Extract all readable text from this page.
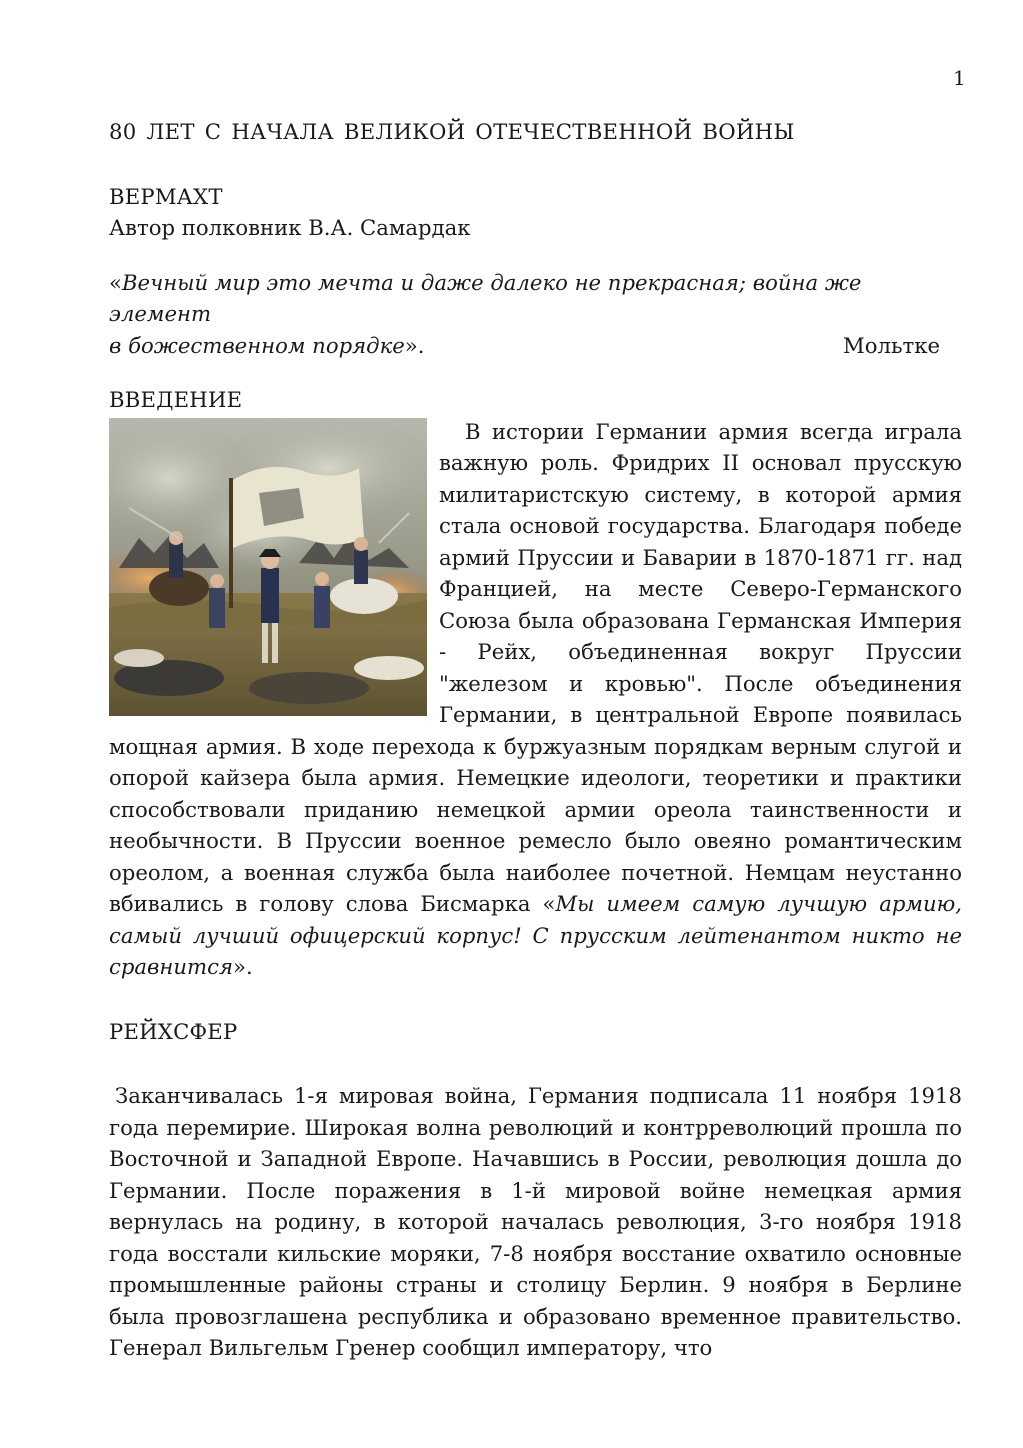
1

80 ЛЕТ С НАЧАЛА ВЕЛИКОЙ ОТЕЧЕСТВЕННОЙ ВОЙНЫ

ВЕРМАХТ

Автор полковник В.А. Самардак

«Вечный мир это мечта и даже далеко не прекрасная; война же элемент

в божественном порядке».	Мольтке

ВВЕДЕНИЕ

В истории Германии армия всегда играла важную роль. Фридрих II основал прусскую милитаристскую систему, в которой армия стала основой государства. Благодаря победе армий Пруссии и Баварии в 1870-1871 гг. над Францией, на месте Северо-Германского Союза была образована Германская Империя - Рейх, объединенная вокруг Пруссии "железом и кровью". После объединения Германии, в центральной Европе появилась мощная армия. В ходе перехода к буржуазным порядкам верным слугой и опорой кайзера была армия. Немецкие идеологи, теоретики и практики способствовали приданию немецкой армии ореола таинственности и необычности. В Пруссии военное ремесло было овеяно романтическим ореолом, а военная служба была наиболее почетной. Немцам неустанно вбивались в голову слова Бисмарка «Мы имеем самую лучшую армию, самый лучший офицерский корпус! С прусским лейтенантом никто не сравнится».

РЕЙХСФЕР

Заканчивалась 1-я мировая война, Германия подписала 11 ноября 1918 года перемирие. Широкая волна революций и контрреволюций прошла по Восточной и Западной Европе. Начавшись в России, революция дошла до Германии. После поражения в 1-й мировой войне немецкая армия вернулась на родину, в которой началась революция, 3-го ноября 1918 года восстали кильские моряки, 7-8 ноября восстание охватило основные промышленные районы страны и столицу Берлин. 9 ноября в Берлине была провозглашена республика и образовано временное правительство. Генерал Вильгельм Гренер сообщил императору, что
